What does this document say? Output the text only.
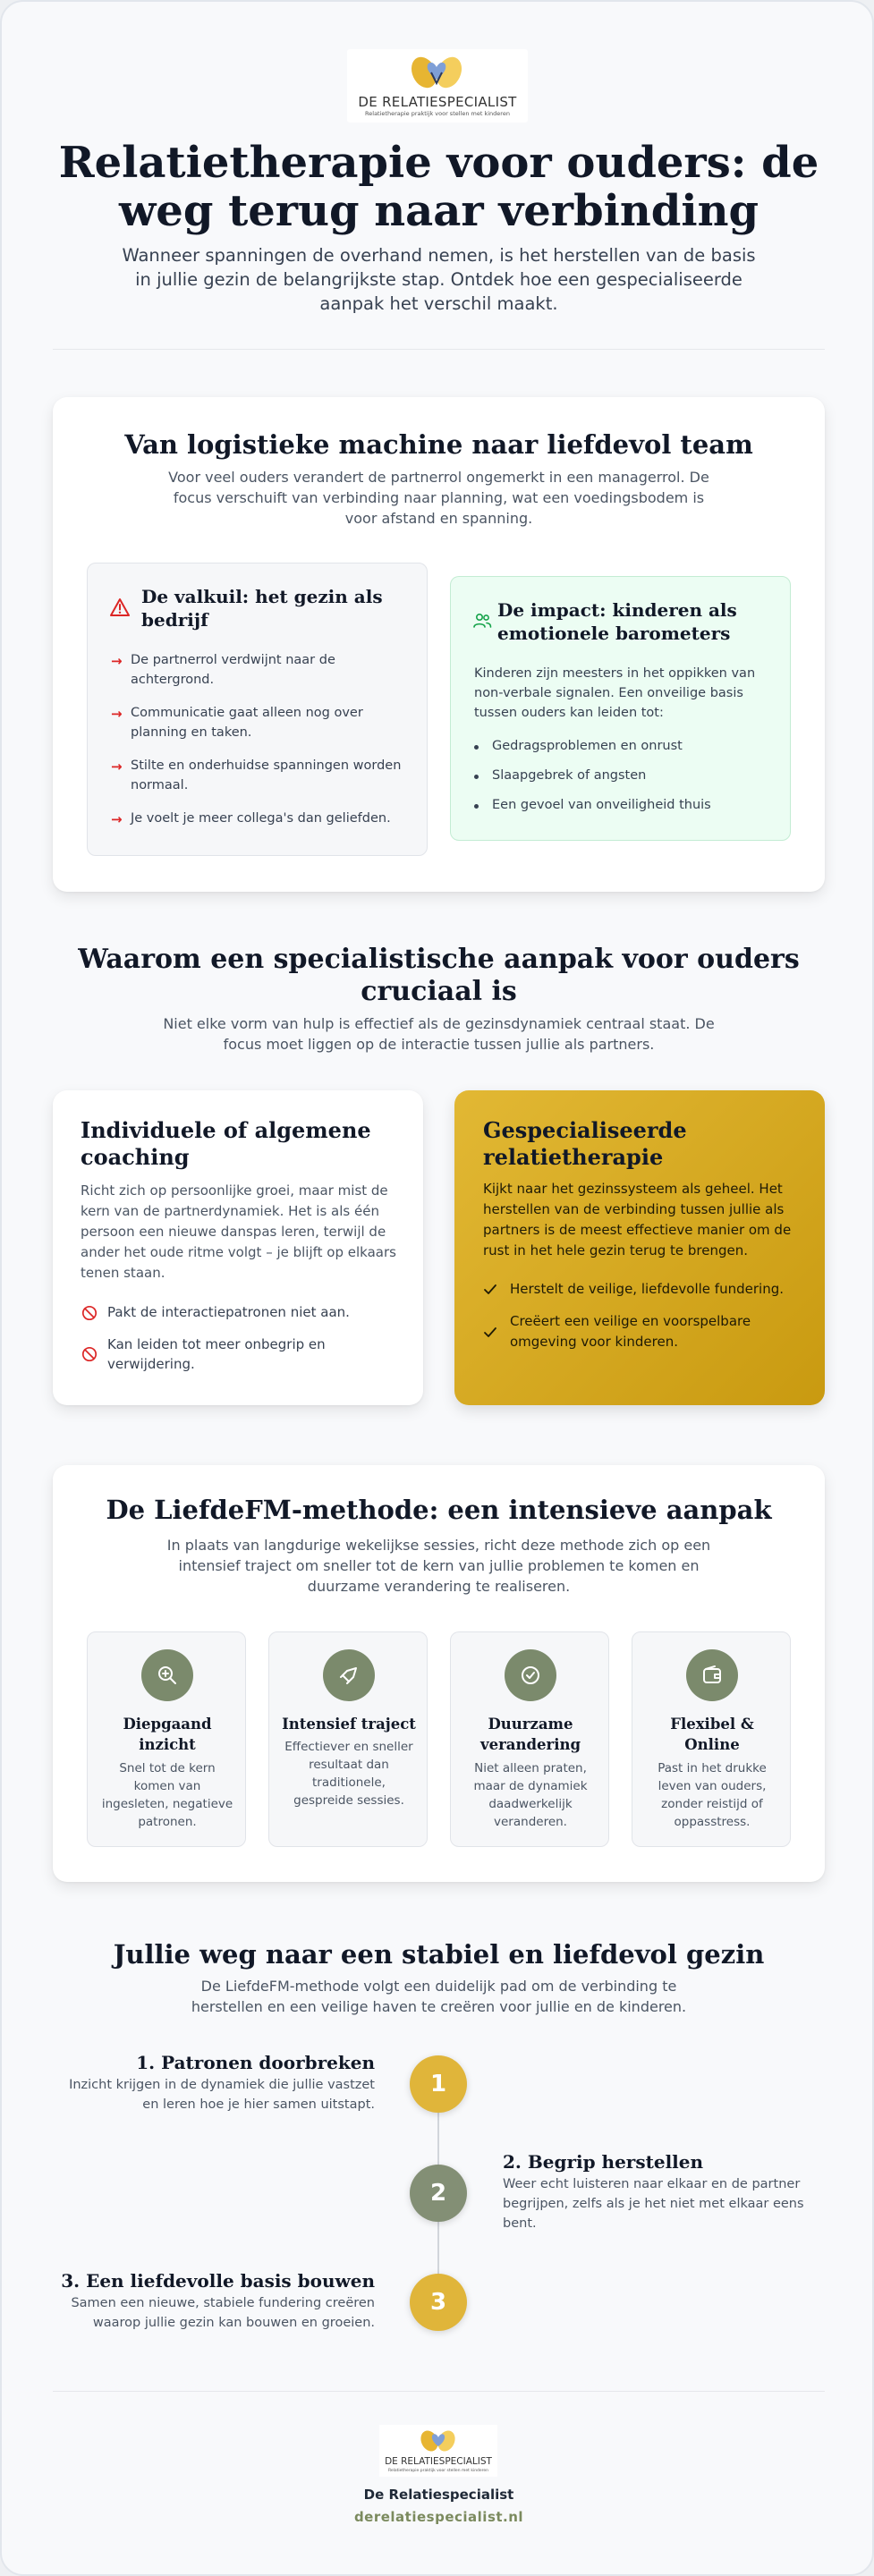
DE RELATIESPECIALIST
Relatietherapie praktijk voor stellen met kinderen
Relatietherapie voor ouders: de weg terug naar verbinding

Wanneer spanningen de overhand nemen, is het herstellen van de basis in jullie gezin de belangrijkste stap. Ontdek hoe een gespecialiseerde aanpak het verschil maakt.

Van logistieke machine naar liefdevol team

Voor veel ouders verandert de partnerrol ongemerkt in een managerrol. De focus verschuift van verbinding naar planning, wat een voedingsbodem is voor afstand en spanning.

De valkuil: het gezin als bedrijf
→ De partnerrol verdwijnt naar de achtergrond.

→ Communicatie gaat alleen nog over planning en taken.

→ Stilte en onderhuidse spanningen worden normaal.

→ Je voelt je meer collega's dan geliefden.

De impact: kinderen als emotionele barometers

Kinderen zijn meesters in het oppikken van non-verbale signalen. Een onveilige basis tussen ouders kan leiden tot:

Gedragsproblemen en onrust

Slaapgebrek of angsten

Een gevoel van onveiligheid thuis

Waarom een specialistische aanpak voor ouders cruciaal is

Niet elke vorm van hulp is effectief als de gezinsdynamiek centraal staat. De focus moet liggen op de interactie tussen jullie als partners.

Individuele of algemene coaching

Richt zich op persoonlijke groei, maar mist de kern van de partnerdynamiek. Het is als één persoon een nieuwe danspas leren, terwijl de ander het oude ritme volgt – je blijft op elkaars tenen staan.

Pakt de interactiepatronen niet aan.

Kan leiden tot meer onbegrip en verwijdering.

Gespecialiseerde relatietherapie

Kijkt naar het gezinssysteem als geheel. Het herstellen van de verbinding tussen jullie als partners is de meest effectieve manier om de rust in het hele gezin terug te brengen.

Herstelt de veilige, liefdevolle fundering.

Creëert een veilige en voorspelbare omgeving voor kinderen.

De LiefdeFM-methode: een intensieve aanpak

In plaats van langdurige wekelijkse sessies, richt deze methode zich op een intensief traject om sneller tot de kern van jullie problemen te komen en duurzame verandering te realiseren.

Diepgaand inzicht
Snel tot de kern komen van ingesleten, negatieve patronen.
Intensief traject
Effectiever en sneller resultaat dan traditionele, gespreide sessies.
Duurzame verandering
Niet alleen praten, maar de dynamiek daadwerkelijk veranderen.
Flexibel & Online
Past in het drukke leven van ouders, zonder reistijd of oppasstress.
Jullie weg naar een stabiel en liefdevol gezin

De LiefdeFM-methode volgt een duidelijk pad om de verbinding te herstellen en een veilige haven te creëren voor jullie en de kinderen.

1
2
3
1. Patronen doorbreken

Inzicht krijgen in de dynamiek die jullie vastzet en leren hoe je hier samen uitstapt.

2. Begrip herstellen

Weer echt luisteren naar elkaar en de partner begrijpen, zelfs als je het niet met elkaar eens bent.

3. Een liefdevolle basis bouwen

Samen een nieuwe, stabiele fundering creëren waarop jullie gezin kan bouwen en groeien.

DE RELATIESPECIALIST
Relatietherapie praktijk voor stellen met kinderen
De Relatiespecialist
derelatiespecialist.nl
